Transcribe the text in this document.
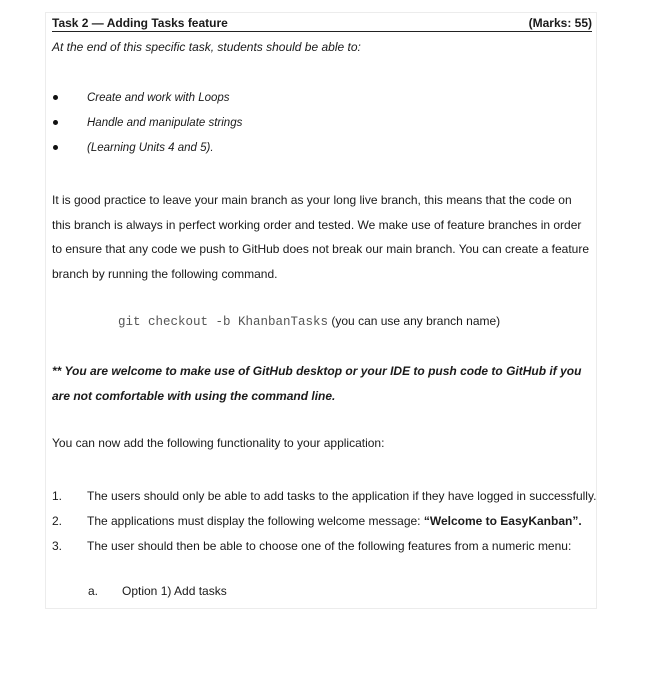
Task 2 — Adding Tasks feature	(Marks: 55)
At the end of this specific task, students should be able to:
Create and work with Loops
Handle and manipulate strings
(Learning Units 4 and 5).

It is good practice to leave your main branch as your long live branch, this means that the code on this branch is always in perfect working order and tested. We make use of feature branches in order to ensure that any code we push to GitHub does not break our main branch. You can create a feature branch by running the following command.

git checkout -b KhanbanTasks (you can use any branch name)

** You are welcome to make use of GitHub desktop or your IDE to push code to GitHub if you are not comfortable with using the command line.

You can now add the following functionality to your application:
1.	The users should only be able to add tasks to the application if they have logged in successfully.
2.	The applications must display the following welcome message: “Welcome to EasyKanban”.
3.	The user should then be able to choose one of the following features from a numeric menu:
a. Option 1) Add tasks
